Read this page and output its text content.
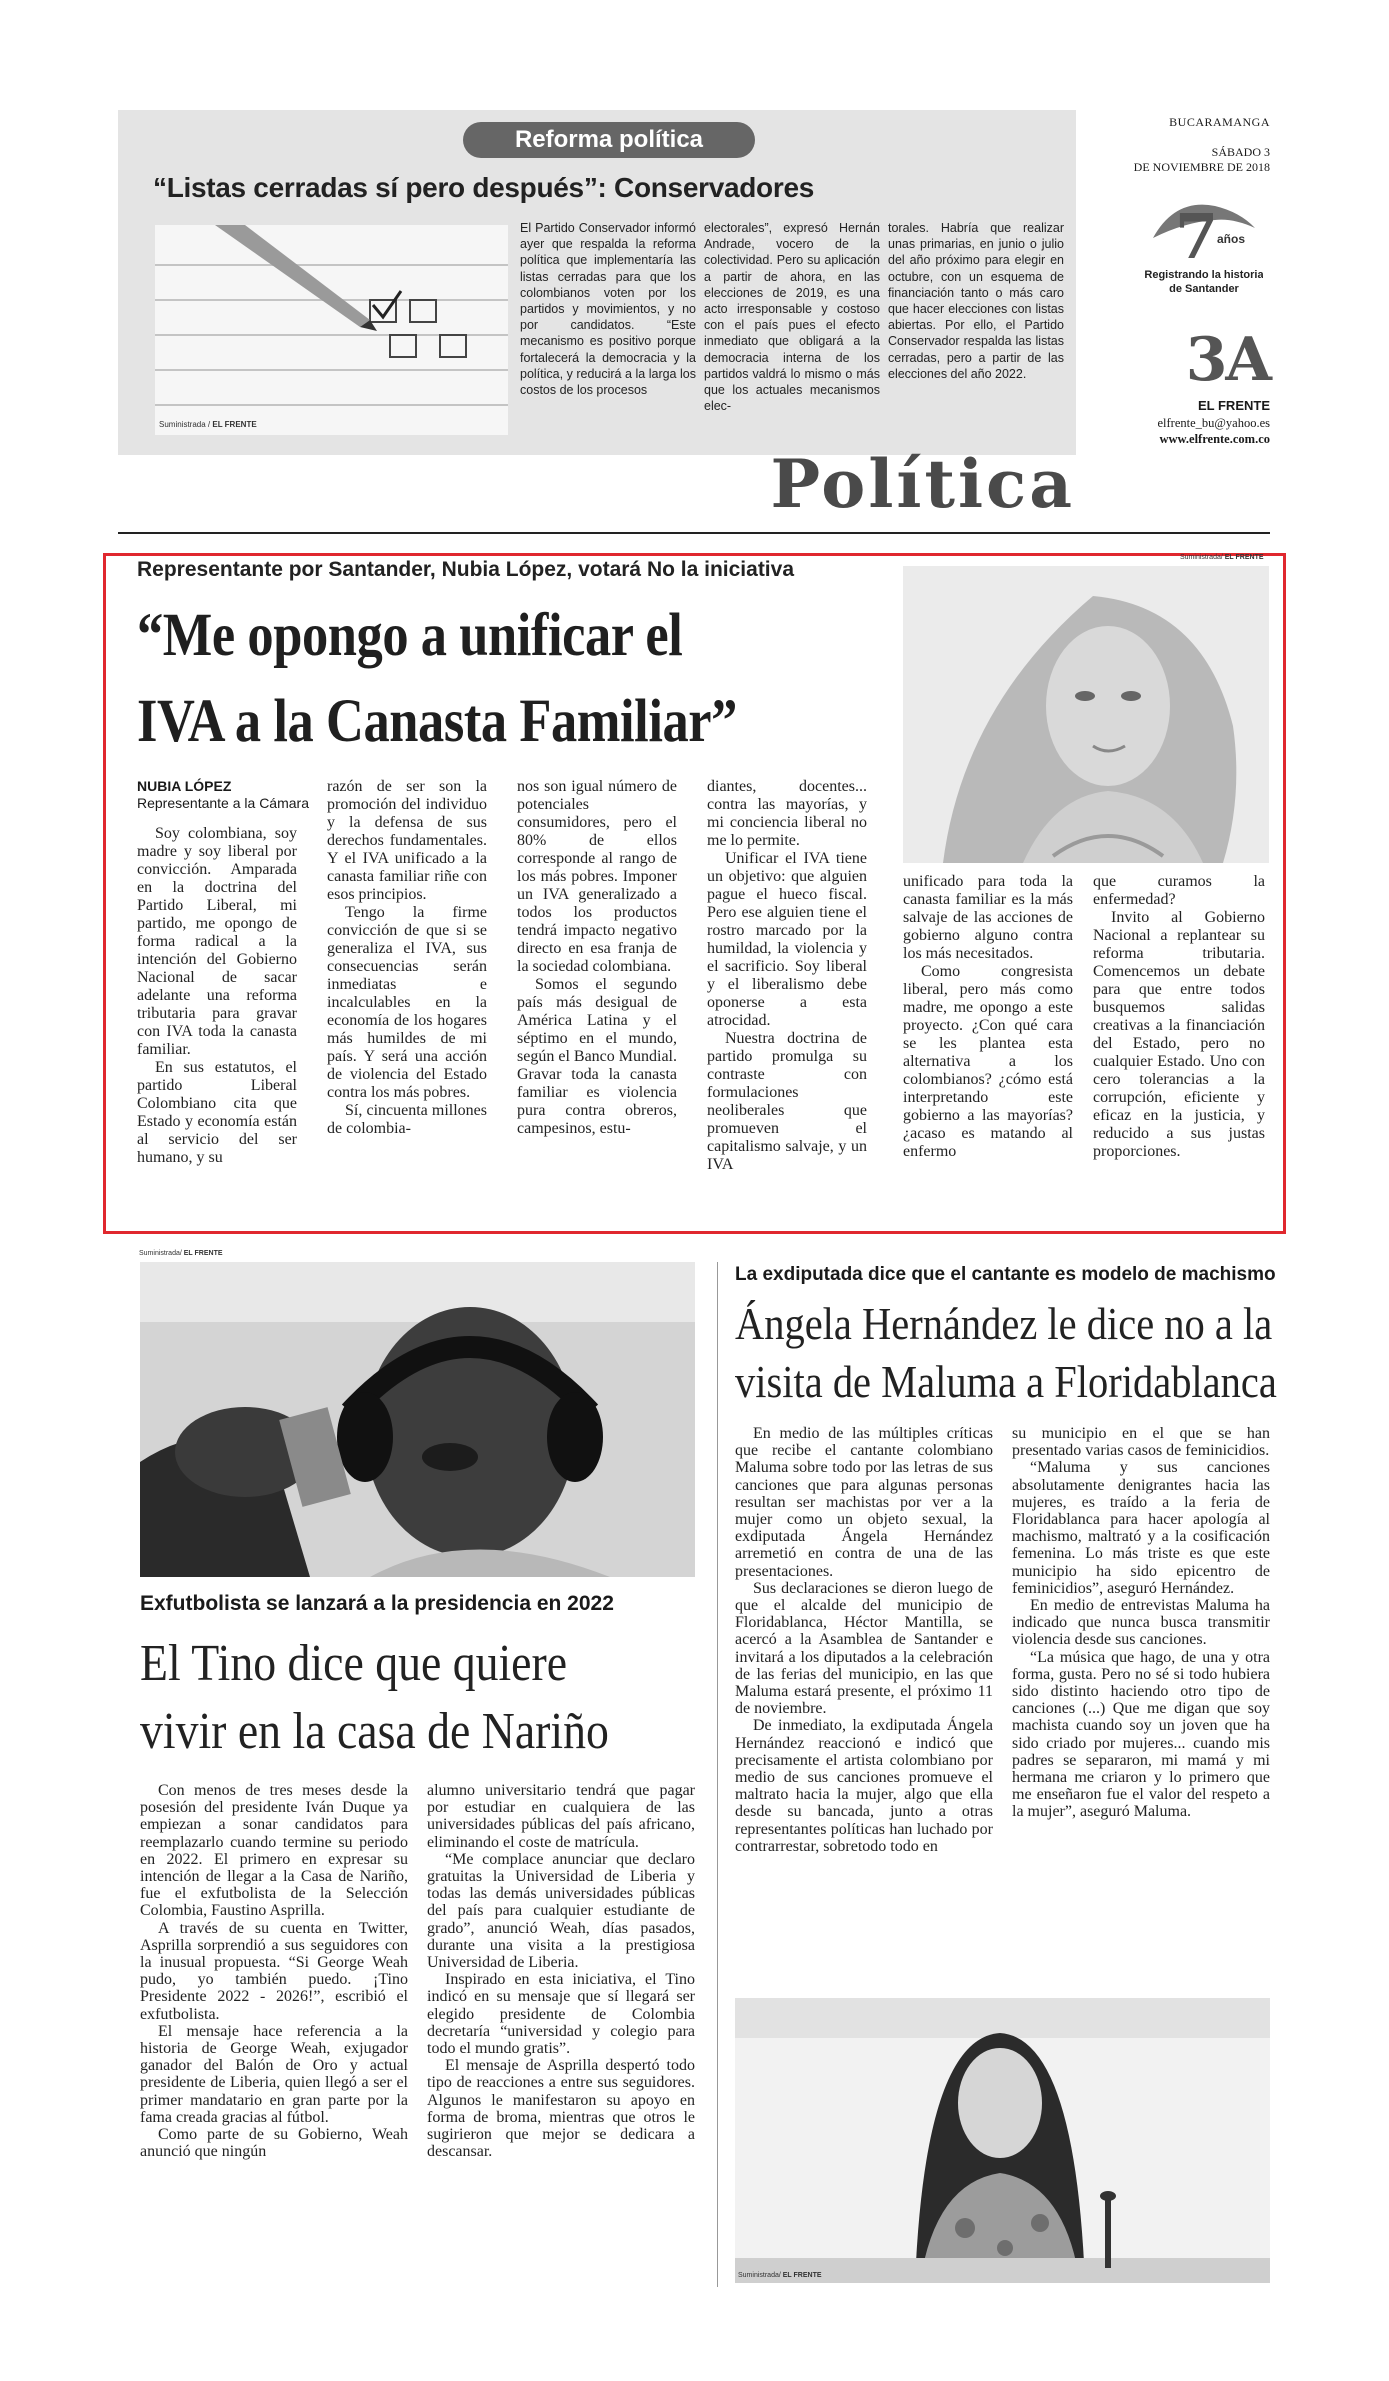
Reforma política
“Listas cerradas sí pero después”: Conservadores
Suministrada / EL FRENTE
El Partido Conservador informó ayer que respalda la reforma política que implementaría las listas cerradas para que los colombianos voten por los partidos y movimientos, y no por candidatos. “Este mecanismo es positivo porque fortalecerá la democracia y la política, y reducirá a la larga los costos de los procesos
electorales”, expresó Hernán Andrade, vocero de la colectividad. Pero su aplicación a partir de ahora, en las elecciones de 2019, es una acto irresponsable y costoso con el país pues el efecto inmediato que obligará a la democracia interna de los partidos valdrá lo mismo o más que los actuales mecanismos elec-
torales. Habría que realizar unas primarias, en junio o julio del año próximo para elegir en octubre, con un esquema de financiación tanto o más caro que hacer elecciones con listas abiertas. Por ello, el Partido Conservador respalda las listas cerradas, pero a partir de las elecciones del año 2022.
BUCARAMANGA
SÁBADO 3
DE NOVIEMBRE DE 2018
7
años
Registrando la historia
de Santander
3A
EL FRENTE
elfrente_bu@yahoo.es
www.elfrente.com.co
Política
Representante por Santander, Nubia López, votará No la iniciativa
“Me opongo a unificar el
IVA a la Canasta Familiar”
Suministrada/ EL FRENTE
NUBIA LÓPEZ
Representante a la Cámara

Soy colombiana, soy madre y soy liberal por convicción. Amparada en la doctrina del Partido Liberal, mi partido, me opongo de forma radical a la intención del Gobierno Nacional de sacar adelante una reforma tributaria para gravar con IVA toda la canasta familiar.

En sus estatutos, el partido Liberal Colombiano cita que Estado y economía están al servicio del ser humano, y su

razón de ser son la promoción del individuo y la defensa de sus derechos fundamentales. Y el IVA unificado a la canasta familiar riñe con esos principios.

Tengo la firme convicción de que si se generaliza el IVA, sus consecuencias serán inmediatas e incalculables en la economía de los hogares más humildes de mi país. Y será una acción de violencia del Estado contra los más pobres.

Sí, cincuenta millones de colombia-

nos son igual número de potenciales consumidores, pero el 80% de ellos corresponde al rango de los más pobres. Imponer un IVA generalizado a todos los productos tendrá impacto negativo directo en esa franja de la sociedad colombiana.

Somos el segundo país más desigual de América Latina y el séptimo en el mundo, según el Banco Mundial. Gravar toda la canasta familiar es violencia pura contra obreros, campesinos, estu-

diantes, docentes... contra las mayorías, y mi conciencia liberal no me lo permite.

Unificar el IVA tiene un objetivo: que alguien pague el hueco fiscal. Pero ese alguien tiene el rostro marcado por la humildad, la violencia y el sacrificio. Soy liberal y el liberalismo debe oponerse a esta atrocidad.

Nuestra doctrina de partido promulga su contraste con formulaciones neoliberales que promueven el capitalismo salvaje, y un IVA

unificado para toda la canasta familiar es la más salvaje de las acciones de gobierno alguno contra los más necesitados.

Como congresista liberal, pero más como madre, me opongo a este proyecto. ¿Con qué cara se les plantea esta alternativa a los colombianos? ¿cómo está interpretando este gobierno a las mayorías? ¿acaso es matando al enfermo

que curamos la enfermedad?

Invito al Gobierno Nacional a replantear su reforma tributaria. Comencemos un debate para que entre todos busquemos salidas creativas a la financiación del Estado, pero no cualquier Estado. Uno con cero tolerancias a la corrupción, eficiente y eficaz en la justicia, y reducido a sus justas proporciones.

Suministrada/ EL FRENTE
Exfutbolista se lanzará a la presidencia en 2022
El Tino dice que quiere
vivir en la casa de Nariño

Con menos de tres meses desde la posesión del presidente Iván Duque ya empiezan a sonar candidatos para reemplazarlo cuando termine su periodo en 2022. El primero en expresar su intención de llegar a la Casa de Nariño, fue el exfutbolista de la Selección Colombia, Faustino Asprilla.

A través de su cuenta en Twitter, Asprilla sorprendió a sus seguidores con la inusual propuesta. “Si George Weah pudo, yo también puedo. ¡Tino Presidente 2022 - 2026!”, escribió el exfutbolista.

El mensaje hace referencia a la historia de George Weah, exjugador ganador del Balón de Oro y actual presidente de Liberia, quien llegó a ser el primer mandatario en gran parte por la fama creada gracias al fútbol.

Como parte de su Gobierno, Weah anunció que ningún

alumno universitario tendrá que pagar por estudiar en cualquiera de las universidades públicas del país africano, eliminando el coste de matrícula.

“Me complace anunciar que declaro gratuitas la Universidad de Liberia y todas las demás universidades públicas del país para cualquier estudiante de grado”, anunció Weah, días pasados, durante una visita a la prestigiosa Universidad de Liberia.

Inspirado en esta iniciativa, el Tino indicó en su mensaje que sí llegará ser elegido presidente de Colombia decretaría “universidad y colegio para todo el mundo gratis”.

El mensaje de Asprilla despertó todo tipo de reacciones a entre sus seguidores. Algunos le manifestaron su apoyo en forma de broma, mientras que otros le sugirieron que mejor se dedicara a descansar.

La exdiputada dice que el cantante es modelo de machismo
Ángela Hernández le dice no a la
visita de Maluma a Floridablanca

En medio de las múltiples críticas que recibe el cantante colombiano Maluma sobre todo por las letras de sus canciones que para algunas personas resultan ser machistas por ver a la mujer como un objeto sexual, la exdiputada Ángela Hernández arremetió en contra de una de las presentaciones.

Sus declaraciones se dieron luego de que el alcalde del municipio de Floridablanca, Héctor Mantilla, se acercó a la Asamblea de Santander e invitará a los diputados a la celebración de las ferias del municipio, en las que Maluma estará presente, el próximo 11 de noviembre.

De inmediato, la exdiputada Ángela Hernández reaccionó e indicó que precisamente el artista colombiano por medio de sus canciones promueve el maltrato hacia la mujer, algo que ella desde su bancada, junto a otras representantes políticas han luchado por contrarrestar, sobretodo todo en

su municipio en el que se han presentado varias casos de feminicidios.

“Maluma y sus canciones absolutamente denigrantes hacia las mujeres, es traído a la feria de Floridablanca para hacer apología al machismo, maltrató y a la cosificación femenina. Lo más triste es que este municipio ha sido epicentro de feminicidios”, aseguró Hernández.

En medio de entrevistas Maluma ha indicado que nunca busca transmitir violencia desde sus canciones.

“La música que hago, de una y otra forma, gusta. Pero no sé si todo hubiera sido distinto haciendo otro tipo de canciones (...) Que me digan que soy machista cuando soy un joven que ha sido criado por mujeres... cuando mis padres se separaron, mi mamá y mi hermana me criaron y lo primero que me enseñaron fue el valor del respeto a la mujer”, aseguró Maluma.

Suministrada/ EL FRENTE
